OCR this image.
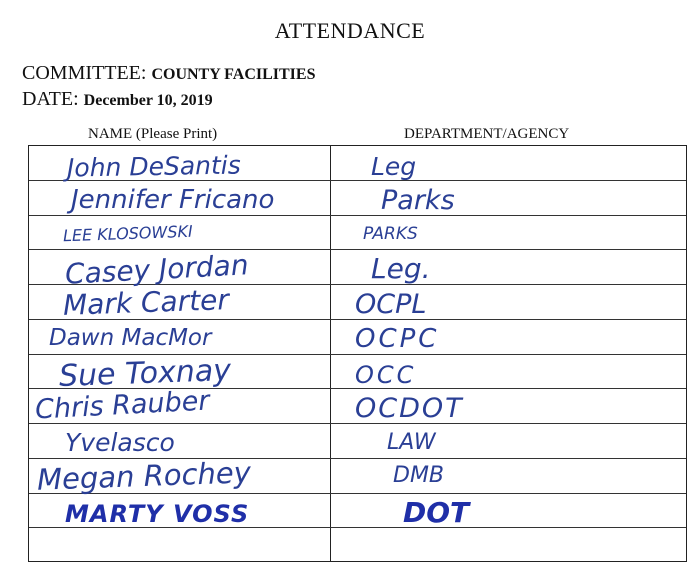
ATTENDANCE
COMMITTEE: COUNTY FACILITIES
DATE: December 10, 2019
NAME (Please Print)	DEPARTMENT/AGENCY
John DeSantis	Leg
Jennifer Fricano	Parks
LEE KLOSOWSKI	PARKS
Casey Jordan	Leg.
Mark Carter	OCPL
Dawn MacMor	OCPC
Sue Toxnay	OCC
Chris Rauber	OCDOT
Yvelasco	LAW
Megan Rochey	DMB
MARTY VOSS	DOT
